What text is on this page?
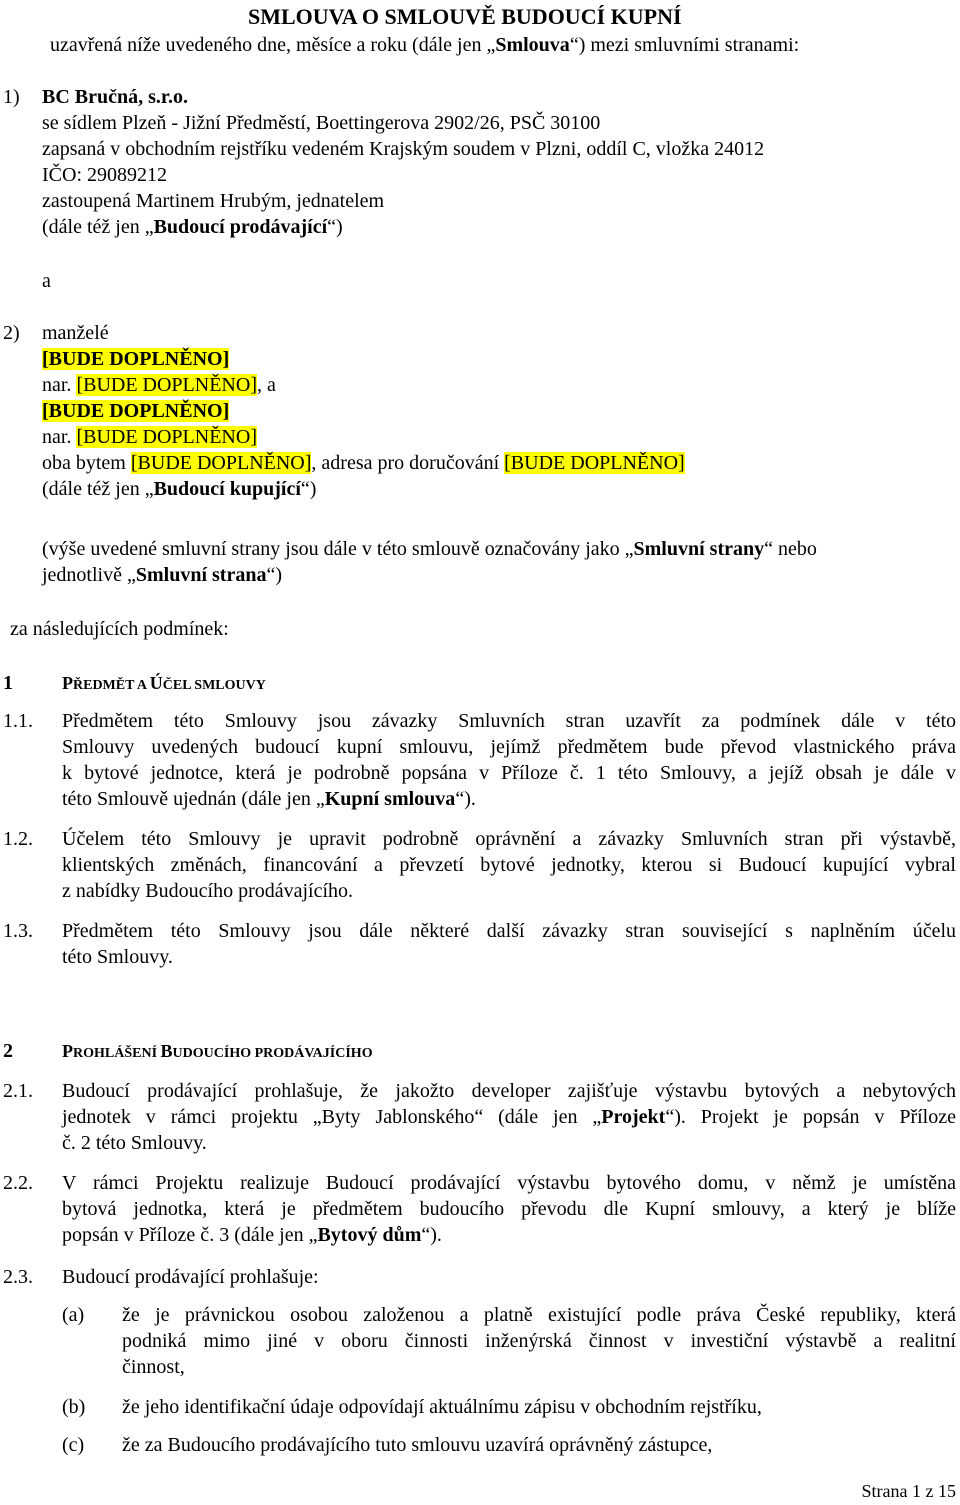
SMLOUVA O SMLOUVĚ BUDOUCÍ KUPNÍ
uzavřená níže uvedeného dne, měsíce a roku (dále jen „Smlouva“) mezi smluvními stranami:
1) BC Bručná, s.r.o.
se sídlem Plzeň - Jižní Předměstí, Boettingerova 2902/26, PSČ 30100
zapsaná v obchodním rejstříku vedeném Krajským soudem v Plzni, oddíl C, vložka 24012
IČO: 29089212
zastoupená Martinem Hrubým, jednatelem
(dále též jen „Budoucí prodávající“)
a
2) manželé
[BUDE DOPLNĚNO]
nar. [BUDE DOPLNĚNO], a
[BUDE DOPLNĚNO]
nar. [BUDE DOPLNĚNO]
oba bytem [BUDE DOPLNĚNO], adresa pro doručování [BUDE DOPLNĚNO]
(dále též jen „Budoucí kupující“)
(výše uvedené smluvní strany jsou dále v této smlouvě označovány jako „Smluvní strany“ nebo
jednotlivě „Smluvní strana“)
za následujících podmínek:
1	PŘEDMĚT A ÚČEL SMLOUVY
1.1. Předmětem této Smlouvy jsou závazky Smluvních stran uzavřít za podmínek dále v této
Smlouvy uvedených budoucí kupní smlouvu, jejímž předmětem bude převod vlastnického práva
k bytové jednotce, která je podrobně popsána v Příloze č. 1 této Smlouvy, a jejíž obsah je dále v
této Smlouvě ujednán (dále jen „Kupní smlouva“).
1.2. Účelem této Smlouvy je upravit podrobně oprávnění a závazky Smluvních stran při výstavbě,
klientských změnách, financování a převzetí bytové jednotky, kterou si Budoucí kupující vybral
z nabídky Budoucího prodávajícího.
1.3. Předmětem této Smlouvy jsou dále některé další závazky stran související s naplněním účelu
této Smlouvy.
2	PROHLÁŠENÍ BUDOUCÍHO PRODÁVAJÍCÍHO
2.1. Budoucí prodávající prohlašuje, že jakožto developer zajišťuje výstavbu bytových a nebytových
jednotek v rámci projektu „Byty Jablonského“ (dále jen „Projekt“). Projekt je popsán v Příloze
č. 2 této Smlouvy.
2.2. V rámci Projektu realizuje Budoucí prodávající výstavbu bytového domu, v němž je umístěna
bytová jednotka, která je předmětem budoucího převodu dle Kupní smlouvy, a který je blíže
popsán v Příloze č. 3 (dále jen „Bytový dům“).
2.3. Budoucí prodávající prohlašuje:
(a) že je právnickou osobou založenou a platně existující podle práva České republiky, která
podniká mimo jiné v oboru činnosti inženýrská činnost v investiční výstavbě a realitní
činnost,
(b) že jeho identifikační údaje odpovídají aktuálnímu zápisu v obchodním rejstříku,
(c) že za Budoucího prodávajícího tuto smlouvu uzavírá oprávněný zástupce,
Strana 1 z 15
